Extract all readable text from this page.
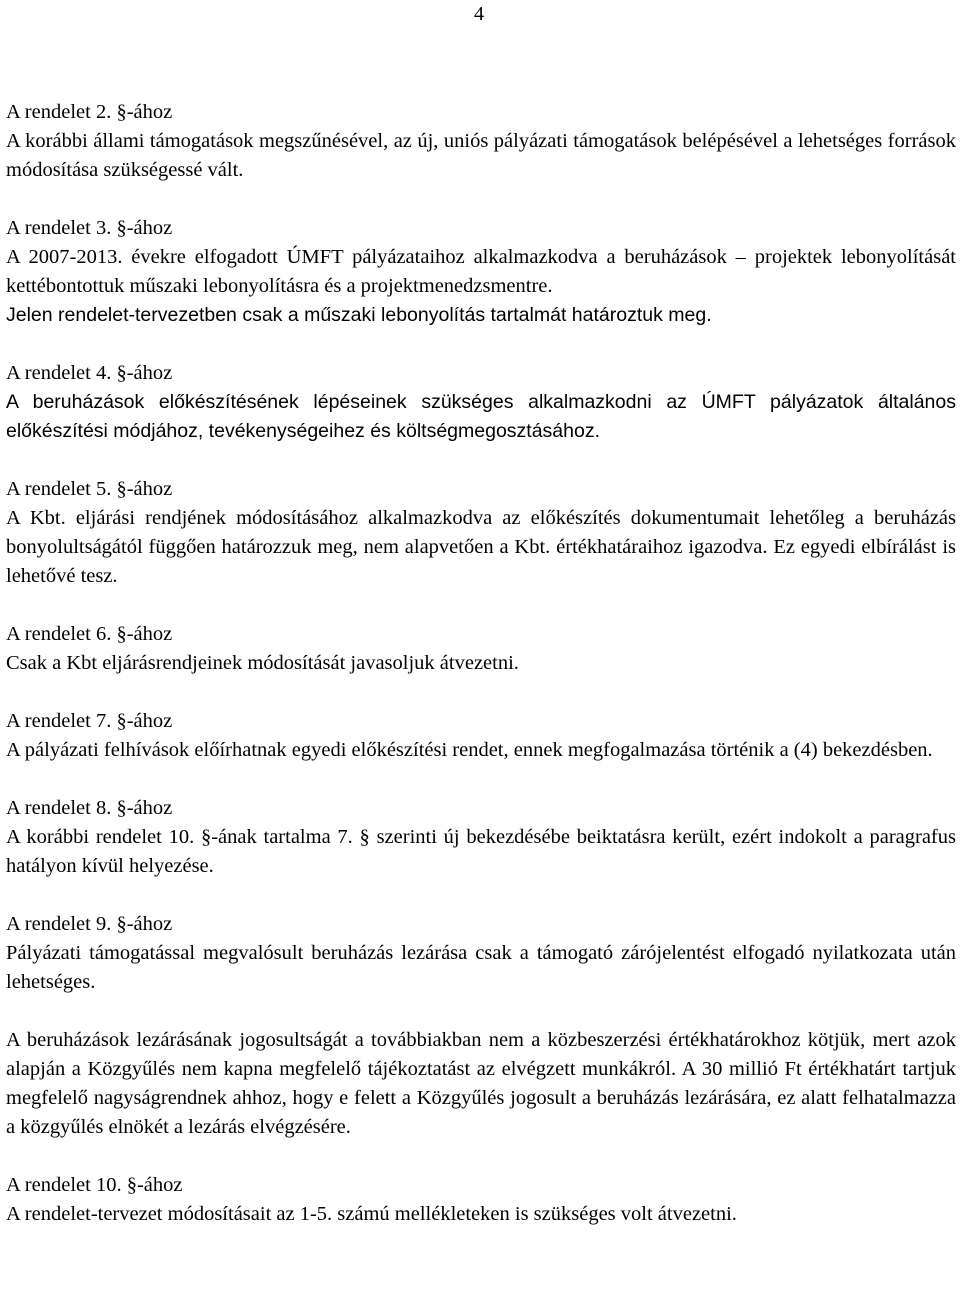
4
A rendelet 2. §-ához
A korábbi állami támogatások megszűnésével, az új, uniós pályázati támogatások belépésével a lehetséges források módosítása szükségessé vált.
A rendelet 3. §-ához
A 2007-2013. évekre elfogadott ÚMFT pályázataihoz alkalmazkodva a beruházások – projektek lebonyolítását kettébontottuk műszaki lebonyolításra és a projektmenedzsmentre.
Jelen rendelet-tervezetben csak a műszaki lebonyolítás tartalmát határoztuk meg.
A rendelet 4. §-ához
A beruházások előkészítésének lépéseinek szükséges alkalmazkodni az ÚMFT pályázatok általános előkészítési módjához, tevékenységeihez és költségmegosztásához.
A rendelet 5. §-ához
A Kbt. eljárási rendjének módosításához alkalmazkodva az előkészítés dokumentumait lehetőleg a beruházás bonyolultságától függően határozzuk meg, nem alapvetően a Kbt. értékhatáraihoz igazodva. Ez egyedi elbírálást is lehetővé tesz.
A rendelet 6. §-ához
Csak a Kbt eljárásrendjeinek módosítását javasoljuk átvezetni.
A rendelet 7. §-ához
A pályázati felhívások előírhatnak egyedi előkészítési rendet, ennek megfogalmazása történik a (4) bekezdésben.
A rendelet 8. §-ához
A korábbi rendelet 10. §-ának tartalma 7. § szerinti új bekezdésébe beiktatásra került, ezért indokolt a paragrafus hatályon kívül helyezése.
A rendelet 9. §-ához
Pályázati támogatással megvalósult beruházás lezárása csak a támogató zárójelentést elfogadó nyilatkozata után lehetséges.
A beruházások lezárásának jogosultságát a továbbiakban nem a közbeszerzési értékhatárokhoz kötjük, mert azok alapján a Közgyűlés nem kapna megfelelő tájékoztatást az elvégzett munkákról. A 30 millió Ft értékhatárt tartjuk megfelelő nagyságrendnek ahhoz, hogy e felett a Közgyűlés jogosult a beruházás lezárására, ez alatt felhatalmazza a közgyűlés elnökét a lezárás elvégzésére.
A rendelet 10. §-ához
A rendelet-tervezet módosításait az 1-5. számú mellékleteken is szükséges volt átvezetni.
